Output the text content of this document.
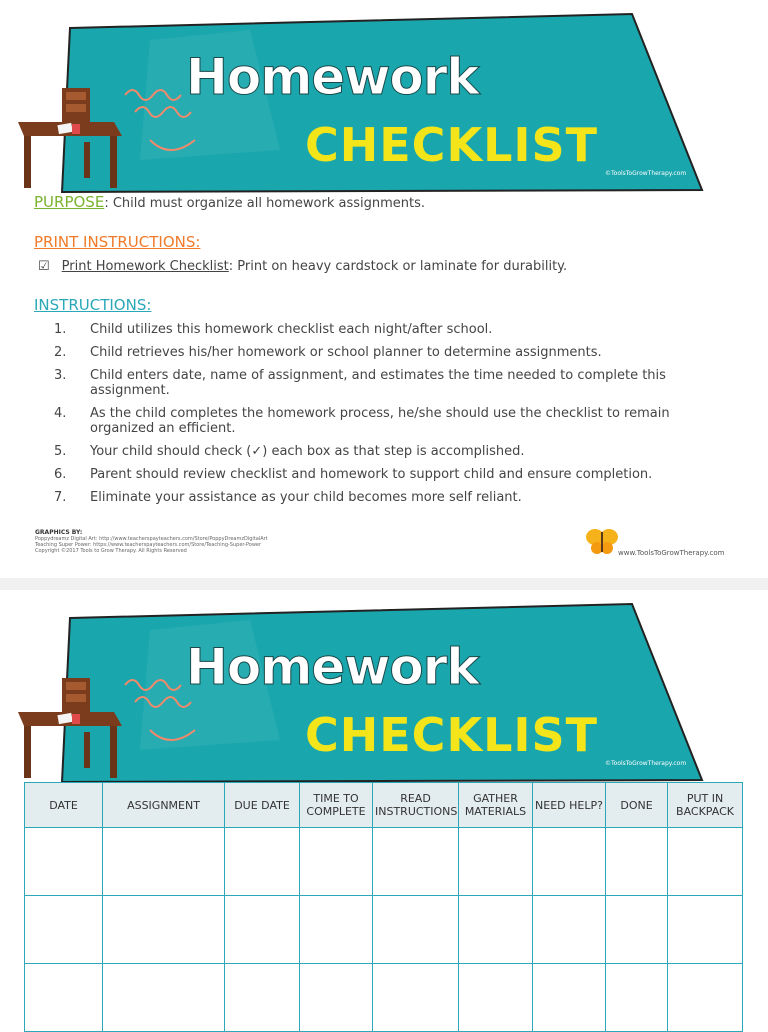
Homework
CHECKLIST
©ToolsToGrowTherapy.com
PURPOSE: Child must organize all homework assignments.
PRINT INSTRUCTIONS:
☑ Print Homework Checklist: Print on heavy cardstock or laminate for durability.
INSTRUCTIONS:
1.	Child utilizes this homework checklist each night/after school.
2.	Child retrieves his/her homework or school planner to determine assignments.
3.	Child enters date, name of assignment, and estimates the time needed to complete this assignment.
4.	As the child completes the homework process, he/she should use the checklist to remain organized an efficient.
5.	Your child should check (✓) each box as that step is accomplished.
6.	Parent should review checklist and homework to support child and ensure completion.
7.	Eliminate your assistance as your child becomes more self reliant.
GRAPHICS BY:
Poppydreamz Digital Art: http://www.teacherspayteachers.com/Store/PoppyDreamzDigitalArt
Teaching Super Power: https://www.teacherspayteachers.com/Store/Teaching-Super-Power
Copyright ©2017 Tools to Grow Therapy. All Rights Reserved	www.ToolsToGrowTherapy.com
Homework
CHECKLIST
©ToolsToGrowTherapy.com
DATE	ASSIGNMENT	DUE DATE	TIME TO COMPLETE	READ INSTRUCTIONS	GATHER MATERIALS	NEED HELP?	DONE	PUT IN BACKPACK
